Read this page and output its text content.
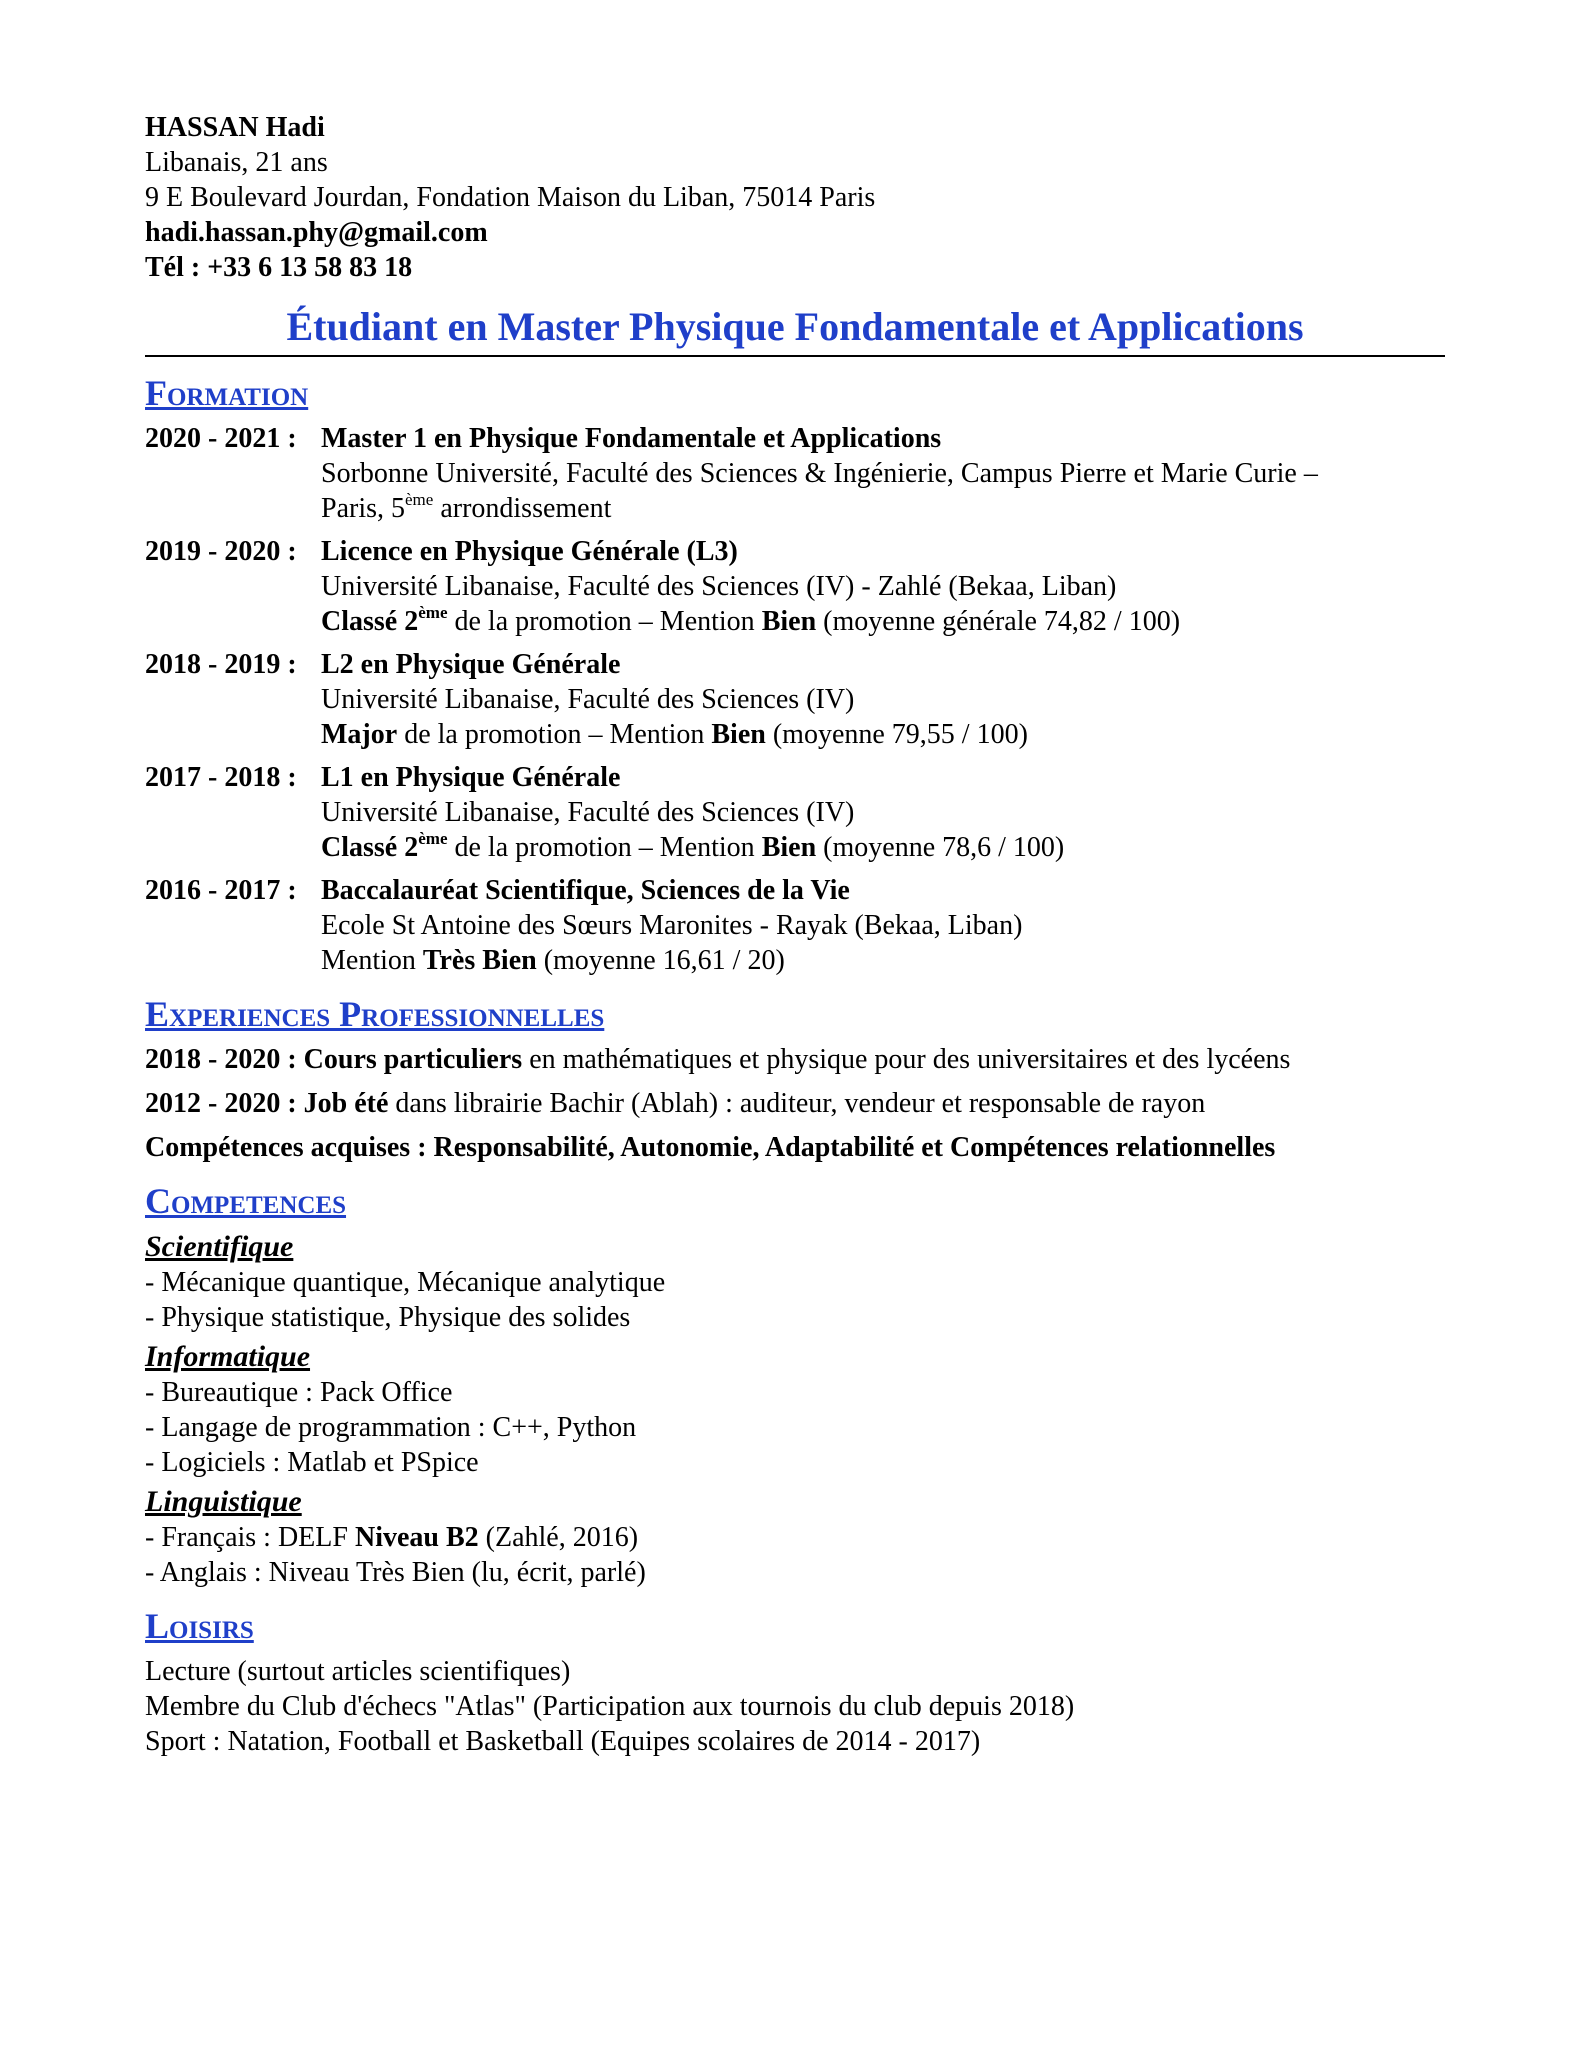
HASSAN Hadi
Libanais, 21 ans
9 E Boulevard Jourdan, Fondation Maison du Liban, 75014 Paris
hadi.hassan.phy@gmail.com
Tél : +33 6 13 58 83 18
Étudiant en Master Physique Fondamentale et Applications
Formation
2020 - 2021 : Master 1 en Physique Fondamentale et Applications
Sorbonne Université, Faculté des Sciences & Ingénierie, Campus Pierre et Marie Curie –
Paris, 5ème arrondissement
2019 - 2020 : Licence en Physique Générale (L3)
Université Libanaise, Faculté des Sciences (IV) - Zahlé (Bekaa, Liban)
Classé 2ème de la promotion – Mention Bien (moyenne générale 74,82 / 100)
2018 - 2019 : L2 en Physique Générale
Université Libanaise, Faculté des Sciences (IV)
Major de la promotion – Mention Bien (moyenne 79,55 / 100)
2017 - 2018 : L1 en Physique Générale
Université Libanaise, Faculté des Sciences (IV)
Classé 2ème de la promotion – Mention Bien (moyenne 78,6 / 100)
2016 - 2017 : Baccalauréat Scientifique, Sciences de la Vie
Ecole St Antoine des Sœurs Maronites - Rayak (Bekaa, Liban)
Mention Très Bien (moyenne 16,61 / 20)
Experiences Professionnelles
2018 - 2020 : Cours particuliers en mathématiques et physique pour des universitaires et des lycéens
2012 - 2020 : Job été dans librairie Bachir (Ablah) : auditeur, vendeur et responsable de rayon
Compétences acquises : Responsabilité, Autonomie, Adaptabilité et Compétences relationnelles
Competences
Scientifique
- Mécanique quantique, Mécanique analytique
- Physique statistique, Physique des solides
Informatique
- Bureautique : Pack Office
- Langage de programmation : C++, Python
- Logiciels : Matlab et PSpice
Linguistique
- Français : DELF Niveau B2 (Zahlé, 2016)
- Anglais : Niveau Très Bien (lu, écrit, parlé)
Loisirs
Lecture (surtout articles scientifiques)
Membre du Club d'échecs "Atlas" (Participation aux tournois du club depuis 2018)
Sport : Natation, Football et Basketball (Equipes scolaires de 2014 - 2017)
